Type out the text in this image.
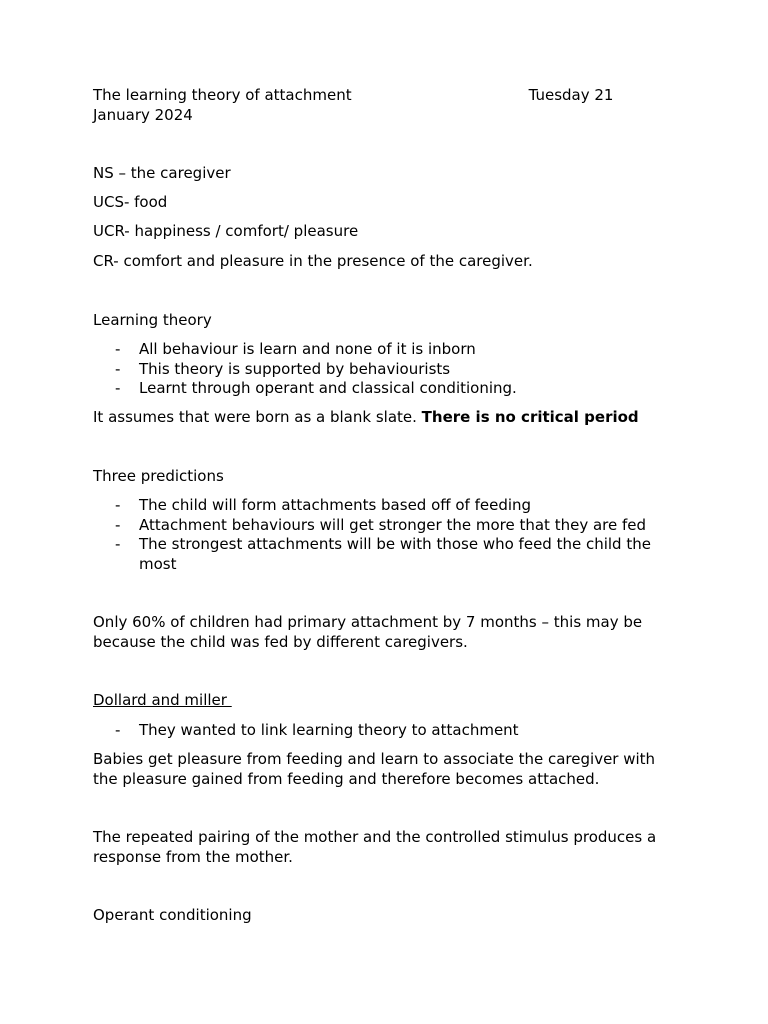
The learning theory of attachment	Tuesday 21
January 2024

NS – the caregiver

UCS- food

UCR- happiness / comfort/ pleasure

CR- comfort and pleasure in the presence of the caregiver.

Learning theory

- All behaviour is learn and none of it is inborn
- This theory is supported by behaviourists
- Learnt through operant and classical conditioning.

It assumes that were born as a blank slate. There is no critical period

Three predictions

- The child will form attachments based off of feeding
- Attachment behaviours will get stronger the more that they are fed
- The strongest attachments will be with those who feed the child the most

Only 60% of children had primary attachment by 7 months – this may be because the child was fed by different caregivers.

Dollard and miller

- They wanted to link learning theory to attachment

Babies get pleasure from feeding and learn to associate the caregiver with the pleasure gained from feeding and therefore becomes attached.

The repeated pairing of the mother and the controlled stimulus produces a response from the mother.

Operant conditioning
